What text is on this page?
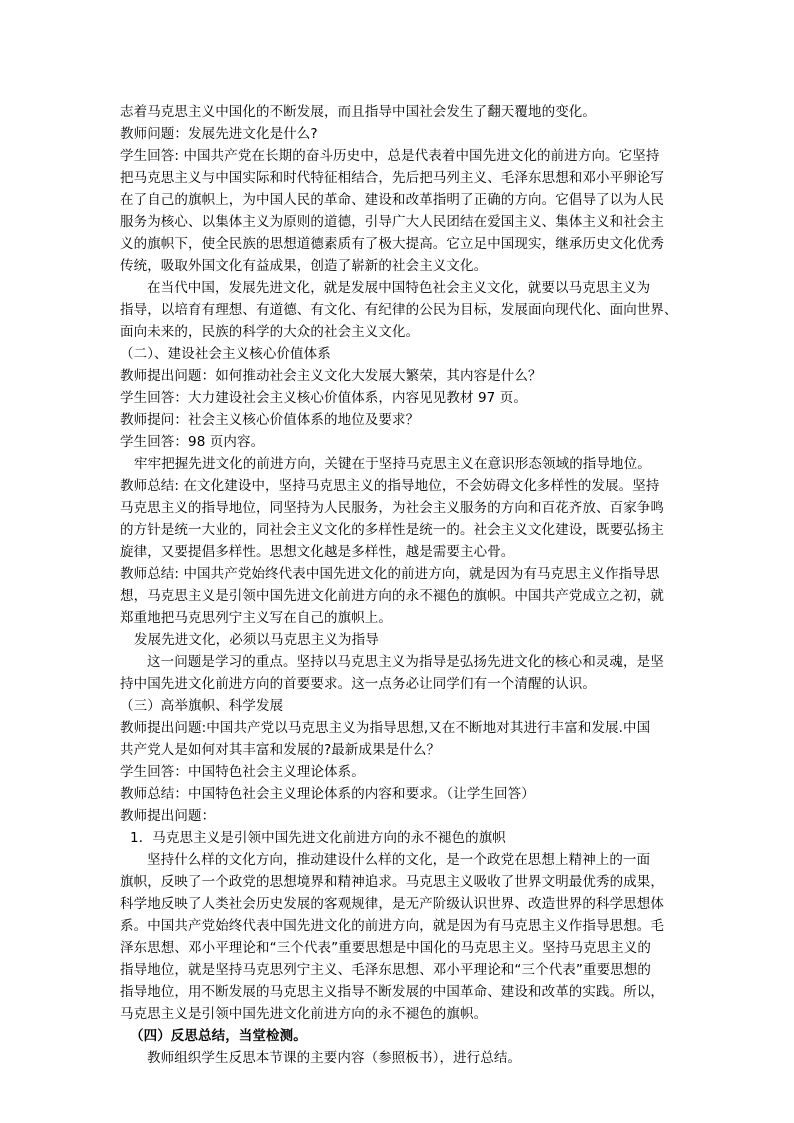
志着马克思主义中国化的不断发展，而且指导中国社会发生了翻天覆地的变化。
教师问题：发展先进文化是什么?
学生回答: 中国共产党在长期的奋斗历史中，总是代表着中国先进文化的前进方向。它坚持
把马克思主义与中国实际和时代特征相结合，先后把马列主义、毛泽东思想和邓小平卵论写
在了自己的旗帜上，为中国人民的革命、建设和改革指明了正确的方向。它倡导了以为人民
服务为核心、以集体主义为原则的道德，引导广大人民团结在爱国主义、集体主义和社会主
义的旗帜下，使全民族的思想道德素质有了极大提高。它立足中国现实，继承历史文化优秀
传统，吸取外国文化有益成果，创造了崭新的社会主义文化。
在当代中国，发展先进文化，就是发展中国特色社会主义文化，就要以马克思主义为
指导，以培育有理想、有道德、有文化、有纪律的公民为目标，发展面向现代化、面向世界、
面向未来的，民族的科学的大众的社会主义文化。
（二）、建设社会主义核心价值体系
教师提出问题：如何推动社会主义文化大发展大繁荣，其内容是什么？
学生回答：大力建设社会主义核心价值体系，内容见见教材 97 页。
教师提问：社会主义核心价值体系的地位及要求？
学生回答：98 页内容。
牢牢把握先进文化的前进方向，关键在于坚持马克思主义在意识形态领域的指导地位。
教师总结: 在文化建设中，坚持马克思主义的指导地位，不会妨碍文化多样性的发展。坚持
马克思主义的指导地位，同坚持为人民服务，为社会主义服务的方向和百花齐放、百家争鸣
的方针是统一大业的，同社会主义文化的多样性是统一的。社会主义文化建设，既要弘扬主
旋律，又要提倡多样性。思想文化越是多样性，越是需要主心骨。
教师总结: 中国共产党始终代表中国先进文化的前进方向，就是因为有马克思主义作指导思
想，马克思主义是引领中国先进文化前进方向的永不褪色的旗帜。中国共产党成立之初，就
郑重地把马克思列宁主义写在自己的旗帜上。
发展先进文化，必须以马克思主义为指导
这一问题是学习的重点。坚持以马克思主义为指导是弘扬先进文化的核心和灵魂，是坚
持中国先进文化前进方向的首要要求。这一点务必让同学们有一个清醒的认识。
（三）高举旗帜、科学发展
教师提出问题:中国共产党以马克思主义为指导思想,又在不断地对其进行丰富和发展.中国
共产党人是如何对其丰富和发展的?最新成果是什么？
学生回答：中国特色社会主义理论体系。
教师总结：中国特色社会主义理论体系的内容和要求。（让学生回答）
教师提出问题：
1．马克思主义是引领中国先进文化前进方向的永不褪色的旗帜
坚持什么样的文化方向，推动建设什么样的文化，是一个政党在思想上精神上的一面
旗帜，反映了一个政党的思想境界和精神追求。马克思主义吸收了世界文明最优秀的成果，
科学地反映了人类社会历史发展的客观规律，是无产阶级认识世界、改造世界的科学思想体
系。中国共产党始终代表中国先进文化的前进方向，就是因为有马克思主义作指导思想。毛
泽东思想、邓小平理论和“三个代表”重要思想是中国化的马克思主义。坚持马克思主义的
指导地位，就是坚持马克思列宁主义、毛泽东思想、邓小平理论和“三个代表”重要思想的
指导地位，用不断发展的马克思主义指导不断发展的中国革命、建设和改革的实践。所以，
马克思主义是引领中国先进文化前进方向的永不褪色的旗帜。
（四）反思总结，当堂检测。
教师组织学生反思本节课的主要内容（参照板书），进行总结。
